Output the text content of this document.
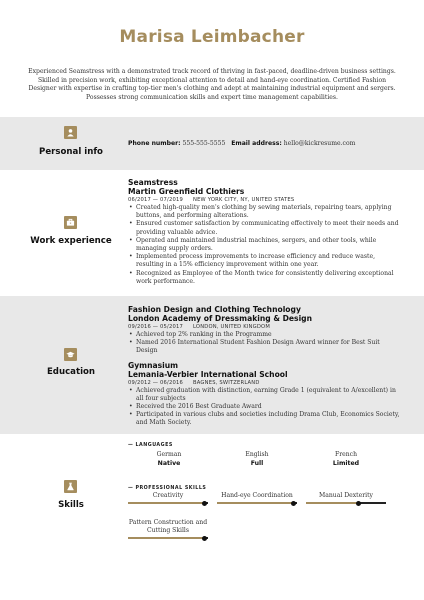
Marisa Leimbacher
Experienced Seamstress with a demonstrated track record of thriving in fast-paced, deadline-driven business settings.
Skilled in precision work, exhibiting exceptional attention to detail and hand-eye coordination. Certified Fashion
Designer with expertise in crafting top-tier men's clothing and adept at maintaining industrial equipment and sergers.
Possesses strong communication skills and expert time management capabilities.
Personal info
Phone number: 555-555-5555 Email address: hello@kickresume.com
Work experience
Seamstress
Martin Greenfield Clothiers
06/2017 — 07/2019 NEW YORK CITY, NY, UNITED STATES
• Created high-quality men's clothing by sewing materials, repairing tears, applying
buttons, and performing alterations.
• Ensured customer satisfaction by communicating effectively to meet their needs and
providing valuable advice.
• Operated and maintained industrial machines, sergers, and other tools, while
managing supply orders.
• Implemented process improvements to increase efficiency and reduce waste,
resulting in a 15% efficiency improvement within one year.
• Recognized as Employee of the Month twice for consistently delivering exceptional
work performance.
Education
Fashion Design and Clothing Technology
London Academy of Dressmaking & Design
09/2016 — 05/2017 LONDON, UNITED KINGDOM
• Achieved top 2% ranking in the Programme
• Named 2016 International Student Fashion Design Award winner for Best Suit Design
Gymnasium
Lemania-Verbier International School
09/2012 — 06/2016 BAGNES, SWITZERLAND
• Achieved graduation with distinction, earning Grade 1 (equivalent to A/excellent) in
all four subjects
• Received the 2016 Best Graduate Award
• Participated in various clubs and societies including Drama Club, Economics Society,
and Math Society.
Skills
— LANGUAGES
German
Native
English
Full
French
Limited
— PROFESSIONAL SKILLS
Creativity	Hand-eye Coordination	Manual Dexterity
Pattern Construction and
Cutting Skills
